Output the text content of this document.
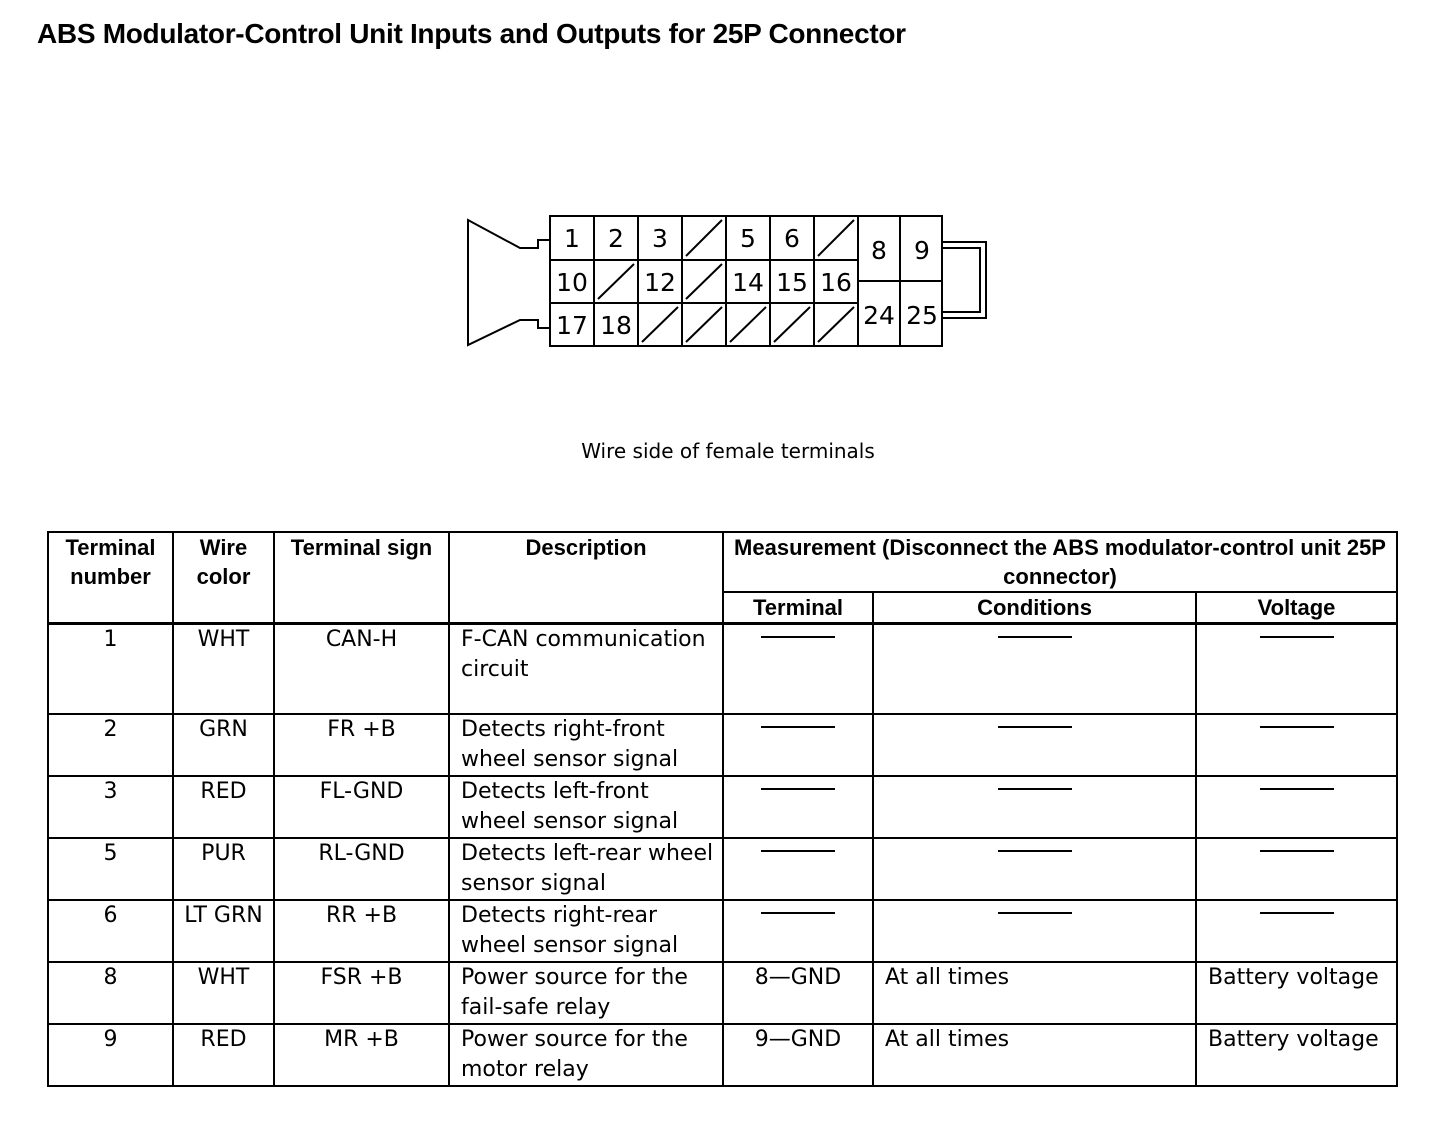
ABS Modulator-Control Unit Inputs and Outputs for 25P Connector
1 2 3	5 6	8 9
10 12 14 15 16
24 25
17 18
Wire side of female terminals
Terminal number	Wire color	Terminal sign	Description	Measurement (Disconnect the ABS modulator-control unit 25P connector)		
				Terminal	Conditions	Voltage
1	WHT	CAN-H	F-CAN communication circuit			
2	GRN	FR +B	Detects right-front wheel sensor signal			
3	RED	FL-GND	Detects left-front wheel sensor signal			
5	PUR	RL-GND	Detects left-rear wheel sensor signal			
6	LT GRN	RR +B	Detects right-rear wheel sensor signal			
8	WHT	FSR +B	Power source for the fail-safe relay	8—GND	At all times	Battery voltage
9	RED	MR +B	Power source for the motor relay	9—GND	At all times	Battery voltage
